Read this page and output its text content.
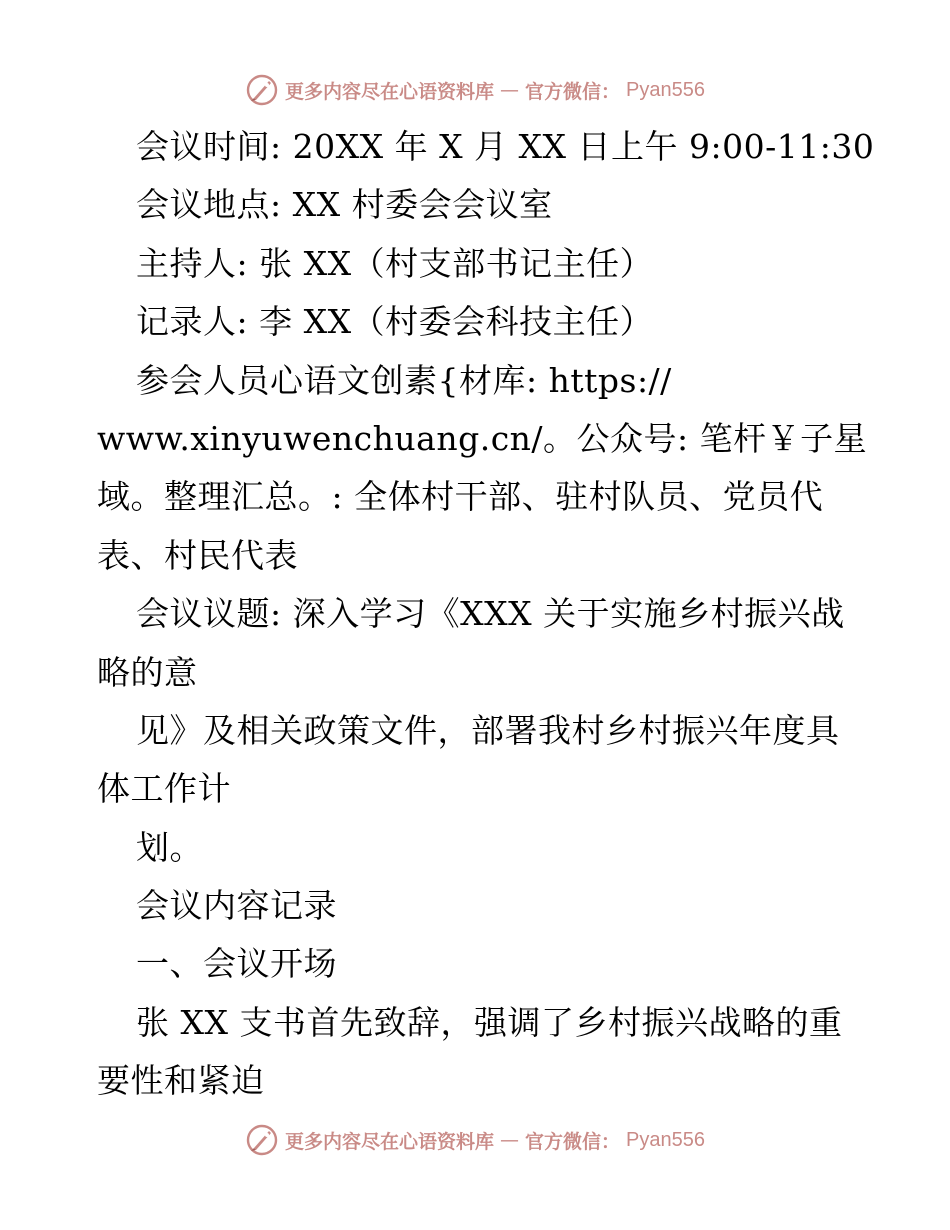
更多内容尽在心语资料库 — 官方微信： Pyan556
会议时间: 20XX 年 X 月 XX 日上午 9:00-11:30
会议地点: XX 村委会会议室
主持人: 张 XX（村支部书记主任）
记录人: 李 XX（村委会科技主任）
参会人员心语文创素{材库: https://
www.xinyuwenchuang.cn/。公众号: 笔杆￥子星
域。整理汇总。: 全体村干部、驻村队员、党员代
表、村民代表
会议议题: 深入学习《XXX 关于实施乡村振兴战
略的意
见》及相关政策文件，部署我村乡村振兴年度具
体工作计
划。
会议内容记录
一、会议开场
张 XX 支书首先致辞，强调了乡村振兴战略的重
要性和紧迫
更多内容尽在心语资料库 — 官方微信： Pyan556
